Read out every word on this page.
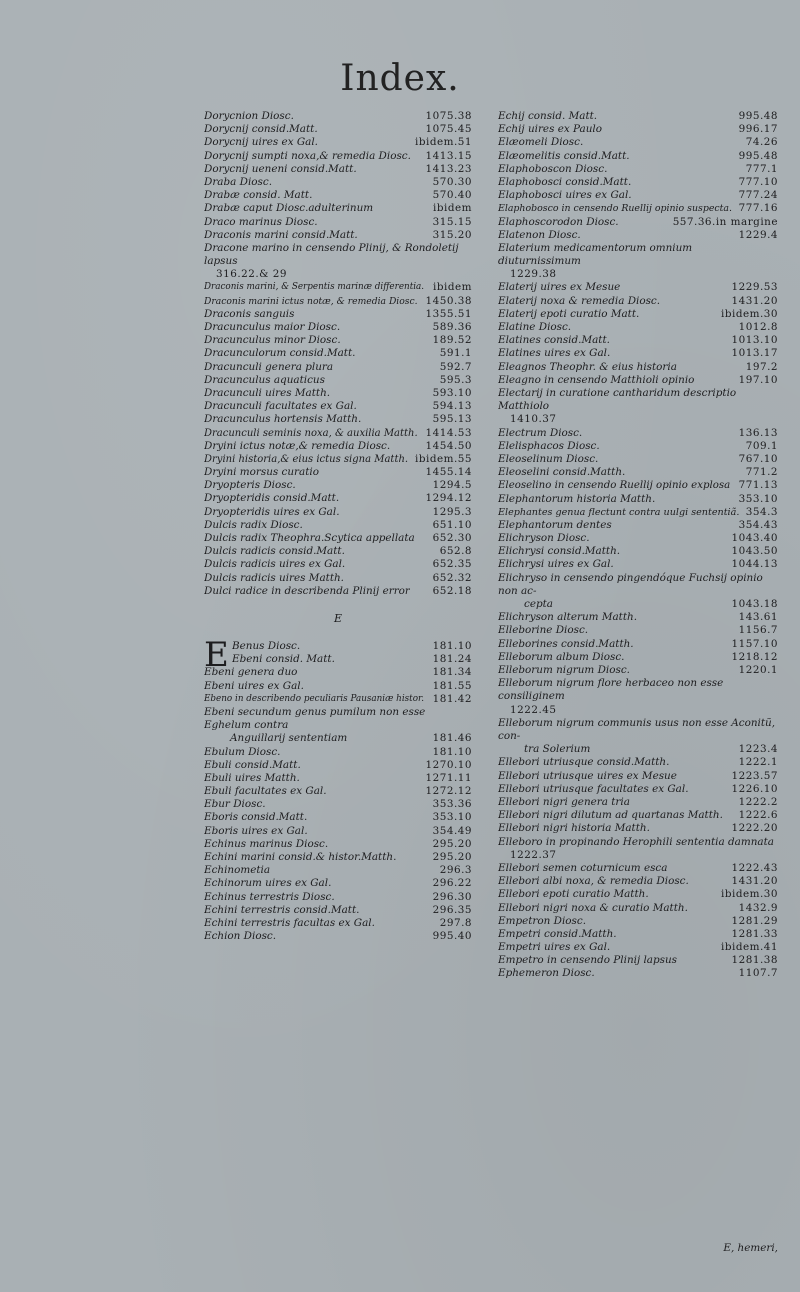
Index.
Dorycnion Diosc.	1075.38
Dorycnij consid.Matt.	1075.45
Dorycnij uires ex Gal.	ibidem.51
Dorycnij sumpti noxa,& remedia Diosc. 1413.15
Dorycnij ueneni consid.Matt.	1413.23
Draba Diosc.	570.30
Drabæ consid. Matt.	570.40
Drabæ caput Diosc.adulterinum	ibidem
Draco marinus Diosc.	315.15
Draconis marini consid.Matt.	315.20
Dracone marino in censendo Plinij, & Rondoletij lapsus
316.22.& 29
Draconis marini, & Serpentis marinæ differentia. ibidem
Draconis marini ictus notæ, & remedia Diosc. 1450.38
Draconis sanguis	1355.51
Dracunculus maior Diosc.	589.36
Dracunculus minor Diosc.	189.52
Dracunculorum consid.Matt.	591.1
Dracunculi genera plura	592.7
Dracunculus aquaticus	595.3
Dracunculi uires Matth.	593.10
Dracunculi facultates ex Gal.	594.13
Dracunculus hortensis Matth.	595.13
Dracunculi seminis noxa, & auxilia Matth. 1414.53
Dryini ictus notæ,& remedia Diosc.	1454.50
Dryini historia,& eius ictus signa Matth. ibidem.55
Dryini morsus curatio	1455.14
Dryopteris Diosc.	1294.5
Dryopteridis consid.Matt.	1294.12
Dryopteridis uires ex Gal.	1295.3
Dulcis radix Diosc.	651.10
Dulcis radix Theophra.Scytica appellata 652.30
Dulcis radicis consid.Matt.	652.8
Dulcis radicis uires ex Gal.	652.35
Dulcis radicis uires Matth.	652.32
Dulci radice in describenda Plinij error 652.18
E
E Benus Diosc.	181.10
Ebeni consid. Matt.	181.24
Ebeni genera duo	181.34
Ebeni uires ex Gal.	181.55
Ebeno in describendo peculiaris Pausaniæ histor. 181.42
Ebeni secundum genus pumilum non esse Eghelum contra
Anguillarij sententiam	181.46
Ebulum Diosc.	181.10
Ebuli consid.Matt.	1270.10
Ebuli uires Matth.	1271.11
Ebuli facultates ex Gal.	1272.12
Ebur Diosc.	353.36
Eboris consid.Matt.	353.10
Eboris uires ex Gal.	354.49
Echinus marinus Diosc.	295.20
Echini marini consid.& histor.Matth.	295.20
Echinometia	296.3
Echinorum uires ex Gal.	296.22
Echinus terrestris Diosc.	296.30
Echini terrestris consid.Matt.	296.35
Echini terrestris facultas ex Gal.	297.8
Echion Diosc.	995.40
Echij consid. Matt.	995.48
Echij uires ex Paulo	996.17
Elæomeli Diosc.	74.26
Elæomelitis consid.Matt.	995.48
Elaphoboscon Diosc.	777.1
Elaphobosci consid.Matt.	777.10
Elaphobosci uires ex Gal.	777.24
Elaphobosco in censendo Ruellij opinio suspecta. 777.16
Elaphoscorodon Diosc.	557.36.in margine
Elatenon Diosc.	1229.4
Elaterium medicamentorum omnium diuturnissimum
1229.38
Elaterij uires ex Mesue	1229.53
Elaterij noxa & remedia Diosc.	1431.20
Elaterij epoti curatio Matt.	ibidem.30
Elatine Diosc.	1012.8
Elatines consid.Matt.	1013.10
Elatines uires ex Gal.	1013.17
Eleagnos Theophr. & eius historia	197.2
Eleagno in censendo Matthioli opinio	197.10
Electarij in curatione cantharidum descriptio Matthiolo
1410.37
Electrum Diosc.	136.13
Elelisphacos Diosc.	709.1
Eleoselinum Diosc.	767.10
Eleoselini consid.Matth.	771.2
Eleoselino in censendo Ruellij opinio explosa 771.13
Elephantorum historia Matth.	353.10
Elephantes genua flectunt contra uulgi sententiã. 354.3
Elephantorum dentes	354.43
Elichryson Diosc.	1043.40
Elichrysi consid.Matth.	1043.50
Elichrysi uires ex Gal.	1044.13
Elichryso in censendo pingendóque Fuchsij opinio non ac-
cepta	1043.18
Elichryson alterum Matth.	143.61
Elleborine Diosc.	1156.7
Elleborines consid.Matth.	1157.10
Elleborum album Diosc.	1218.12
Elleborum nigrum Diosc.	1220.1
Elleborum nigrum flore herbaceo non esse consiliginem
1222.45
Elleborum nigrum communis usus non esse Aconitũ, con-
tra Solerium	1223.4
Ellebori utriusque consid.Matth.	1222.1
Ellebori utriusque uires ex Mesue	1223.57
Ellebori utriusque facultates ex Gal.	1226.10
Ellebori nigri genera tria	1222.2
Ellebori nigri dilutum ad quartanas Matth. 1222.6
Ellebori nigri historia Matth.	1222.20
Elleboro in propinando Herophili sententia damnata
1222.37
Ellebori semen coturnicum esca	1222.43
Ellebori albi noxa, & remedia Diosc.	1431.20
Ellebori epoti curatio Matth.	ibidem.30
Ellebori nigri noxa & curatio Matth.	1432.9
Empetron Diosc.	1281.29
Empetri consid.Matth.	1281.33
Empetri uires ex Gal.	ibidem.41
Empetro in censendo Plinij lapsus	1281.38
Ephemeron Diosc.	1107.7
E, hemeri,
